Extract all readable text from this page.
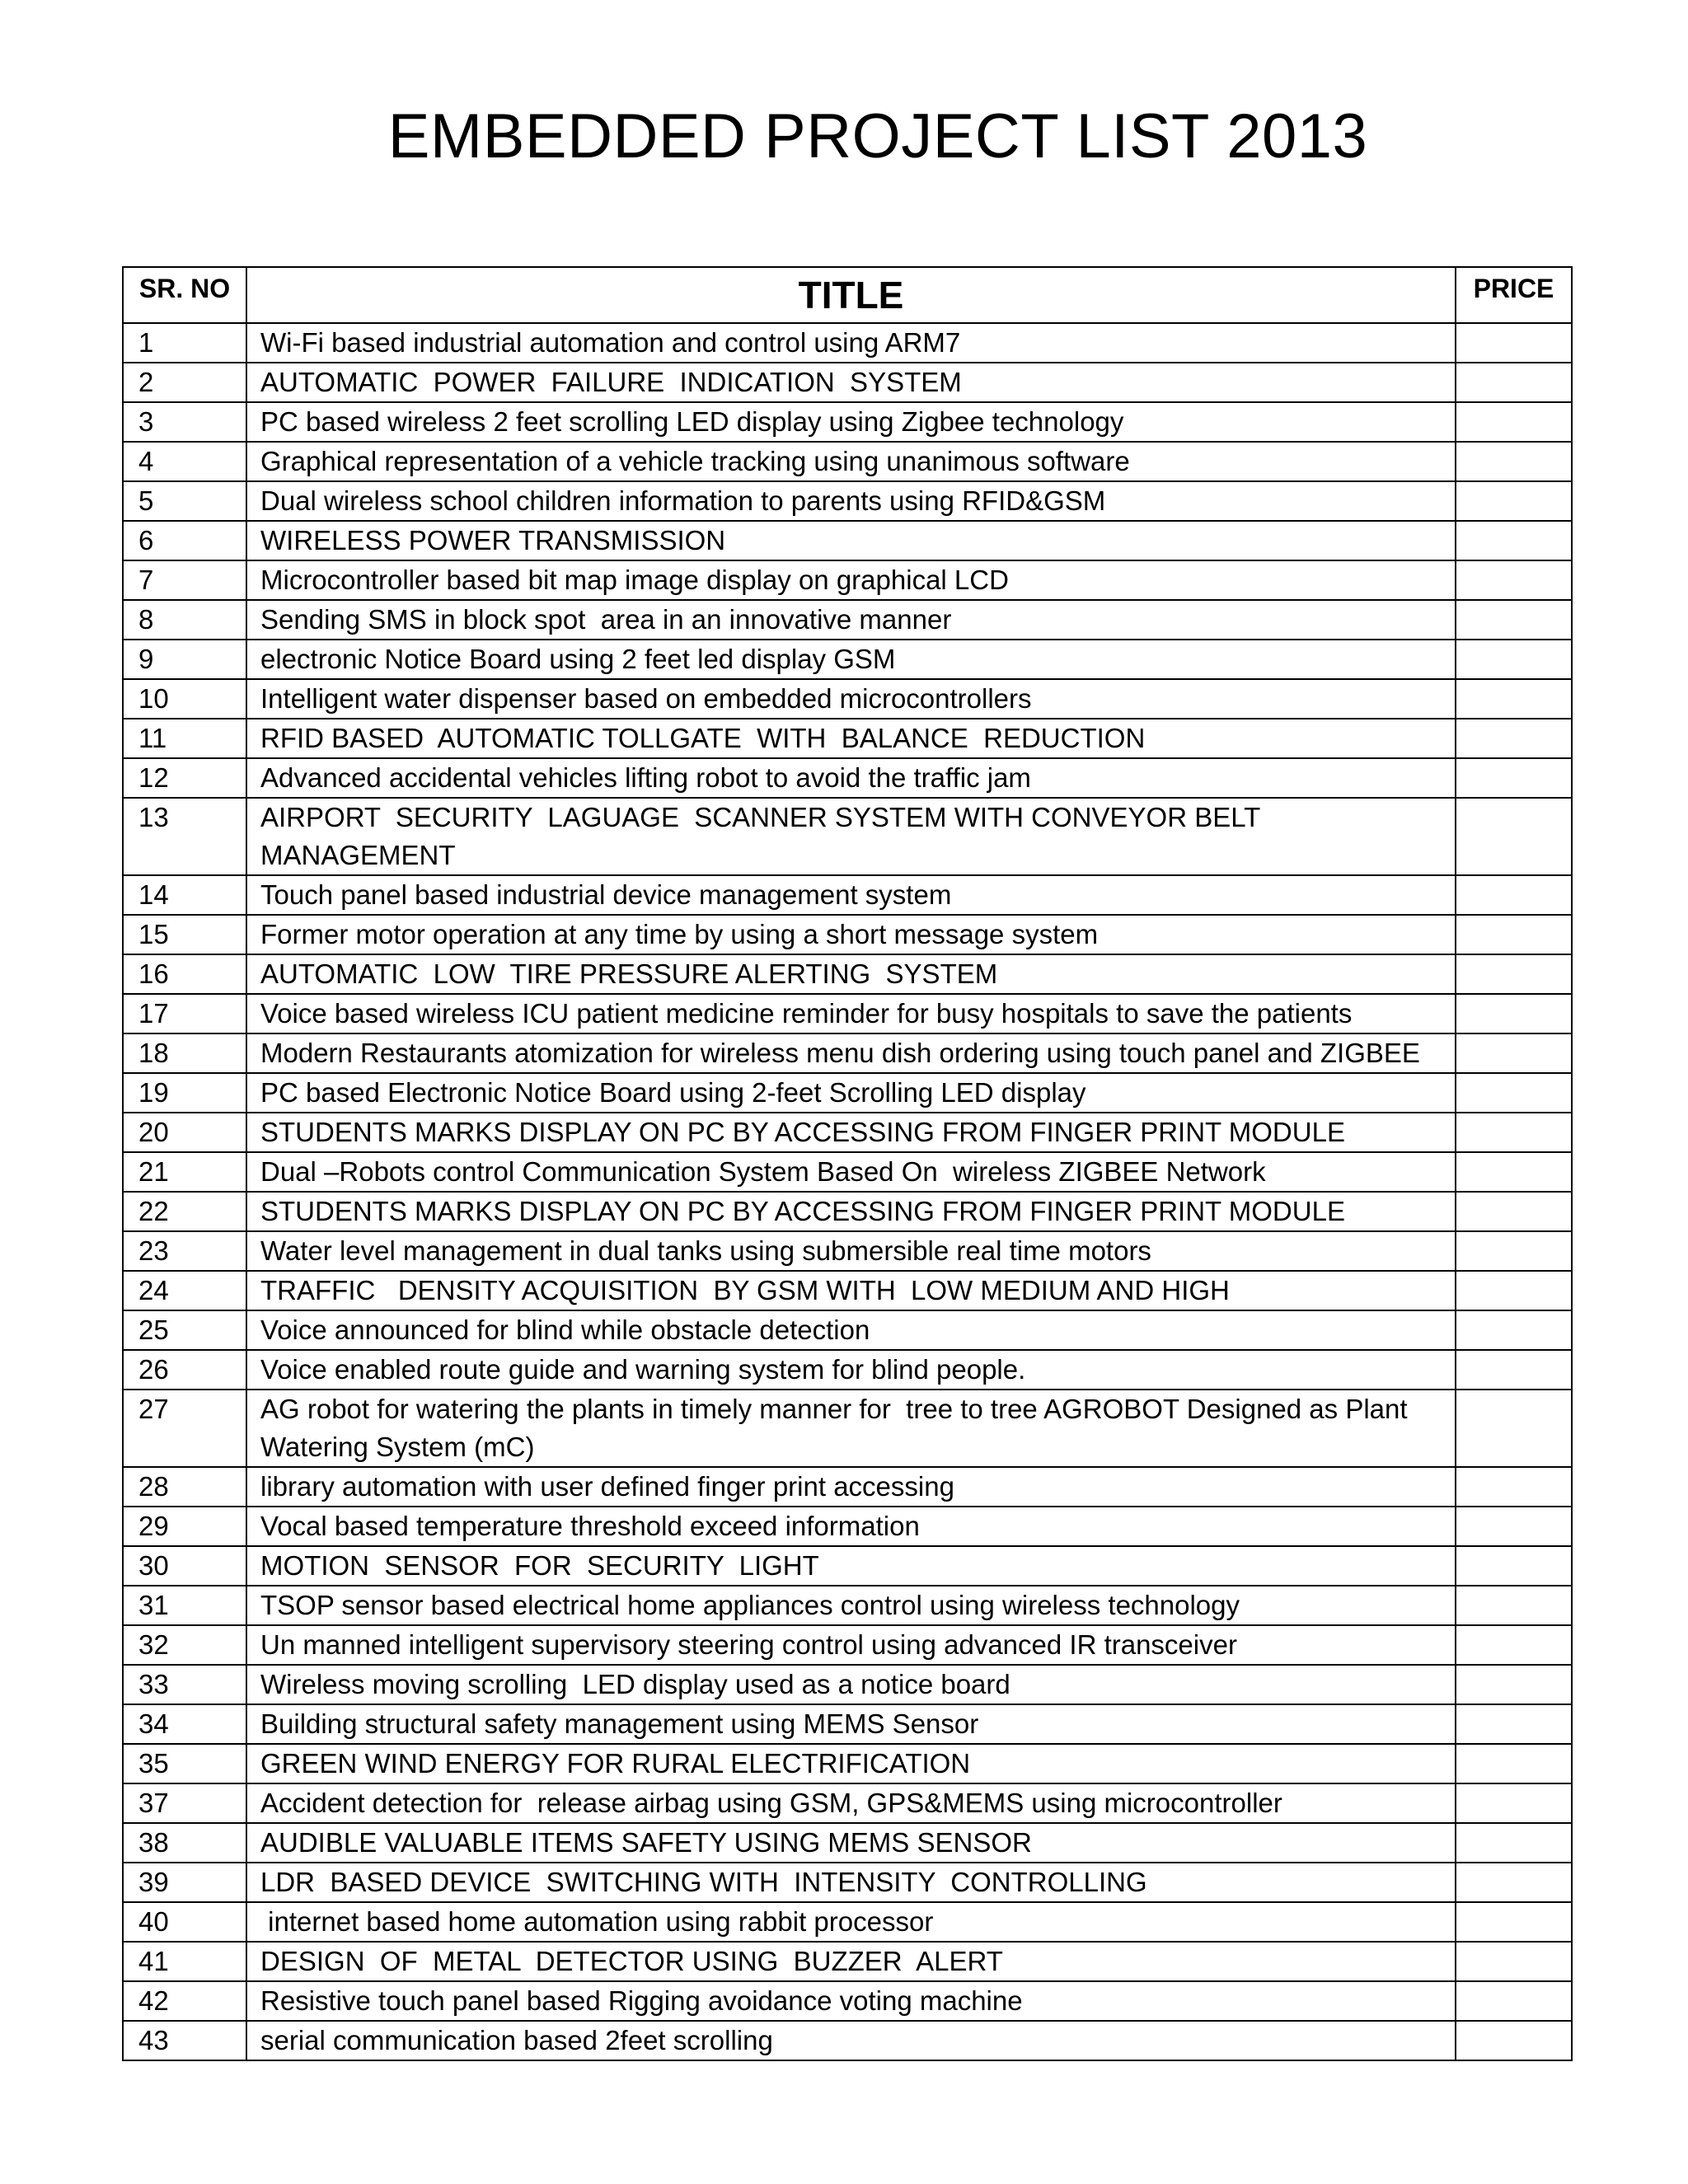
EMBEDDED PROJECT LIST 2013
SR. NO	TITLE	PRICE
1	Wi-Fi based industrial automation and control using ARM7	
2	AUTOMATIC  POWER  FAILURE  INDICATION  SYSTEM	
3	PC based wireless 2 feet scrolling LED display using Zigbee technology	
4	Graphical representation of a vehicle tracking using unanimous software	
5	Dual wireless school children information to parents using RFID&GSM	
6	WIRELESS POWER TRANSMISSION	
7	Microcontroller based bit map image display on graphical LCD	
8	Sending SMS in block spot  area in an innovative manner	
9	electronic Notice Board using 2 feet led display GSM	
10	Intelligent water dispenser based on embedded microcontrollers	
11	RFID BASED  AUTOMATIC TOLLGATE  WITH  BALANCE  REDUCTION	
12	Advanced accidental vehicles lifting robot to avoid the traffic jam	
13	AIRPORT  SECURITY  LAGUAGE  SCANNER SYSTEM WITH CONVEYOR BELT  MANAGEMENT	
14	Touch panel based industrial device management system	
15	Former motor operation at any time by using a short message system	
16	AUTOMATIC  LOW  TIRE PRESSURE ALERTING  SYSTEM	
17	Voice based wireless ICU patient medicine reminder for busy hospitals to save the patients	
18	Modern Restaurants atomization for wireless menu dish ordering using touch panel and ZIGBEE	
19	PC based Electronic Notice Board using 2-feet Scrolling LED display	
20	STUDENTS MARKS DISPLAY ON PC BY ACCESSING FROM FINGER PRINT MODULE	
21	Dual –Robots control Communication System Based On  wireless ZIGBEE Network	
22	STUDENTS MARKS DISPLAY ON PC BY ACCESSING FROM FINGER PRINT MODULE	
23	Water level management in dual tanks using submersible real time motors	
24	TRAFFIC   DENSITY ACQUISITION  BY GSM WITH  LOW MEDIUM AND HIGH	
25	Voice announced for blind while obstacle detection	
26	Voice enabled route guide and warning system for blind people.	
27	AG robot for watering the plants in timely manner for  tree to tree AGROBOT Designed as Plant Watering System (mC)	
28	library automation with user defined finger print accessing	
29	Vocal based temperature threshold exceed information	
30	MOTION  SENSOR  FOR  SECURITY  LIGHT	
31	TSOP sensor based electrical home appliances control using wireless technology	
32	Un manned intelligent supervisory steering control using advanced IR transceiver	
33	Wireless moving scrolling  LED display used as a notice board	
34	Building structural safety management using MEMS Sensor	
35	GREEN WIND ENERGY FOR RURAL ELECTRIFICATION	
37	Accident detection for  release airbag using GSM, GPS&MEMS using microcontroller	
38	AUDIBLE VALUABLE ITEMS SAFETY USING MEMS SENSOR	
39	LDR  BASED DEVICE  SWITCHING WITH  INTENSITY  CONTROLLING	
40	internet based home automation using rabbit processor	
41	DESIGN  OF  METAL  DETECTOR USING  BUZZER  ALERT	
42	Resistive touch panel based Rigging avoidance voting machine	
43	serial communication based 2feet scrolling	
